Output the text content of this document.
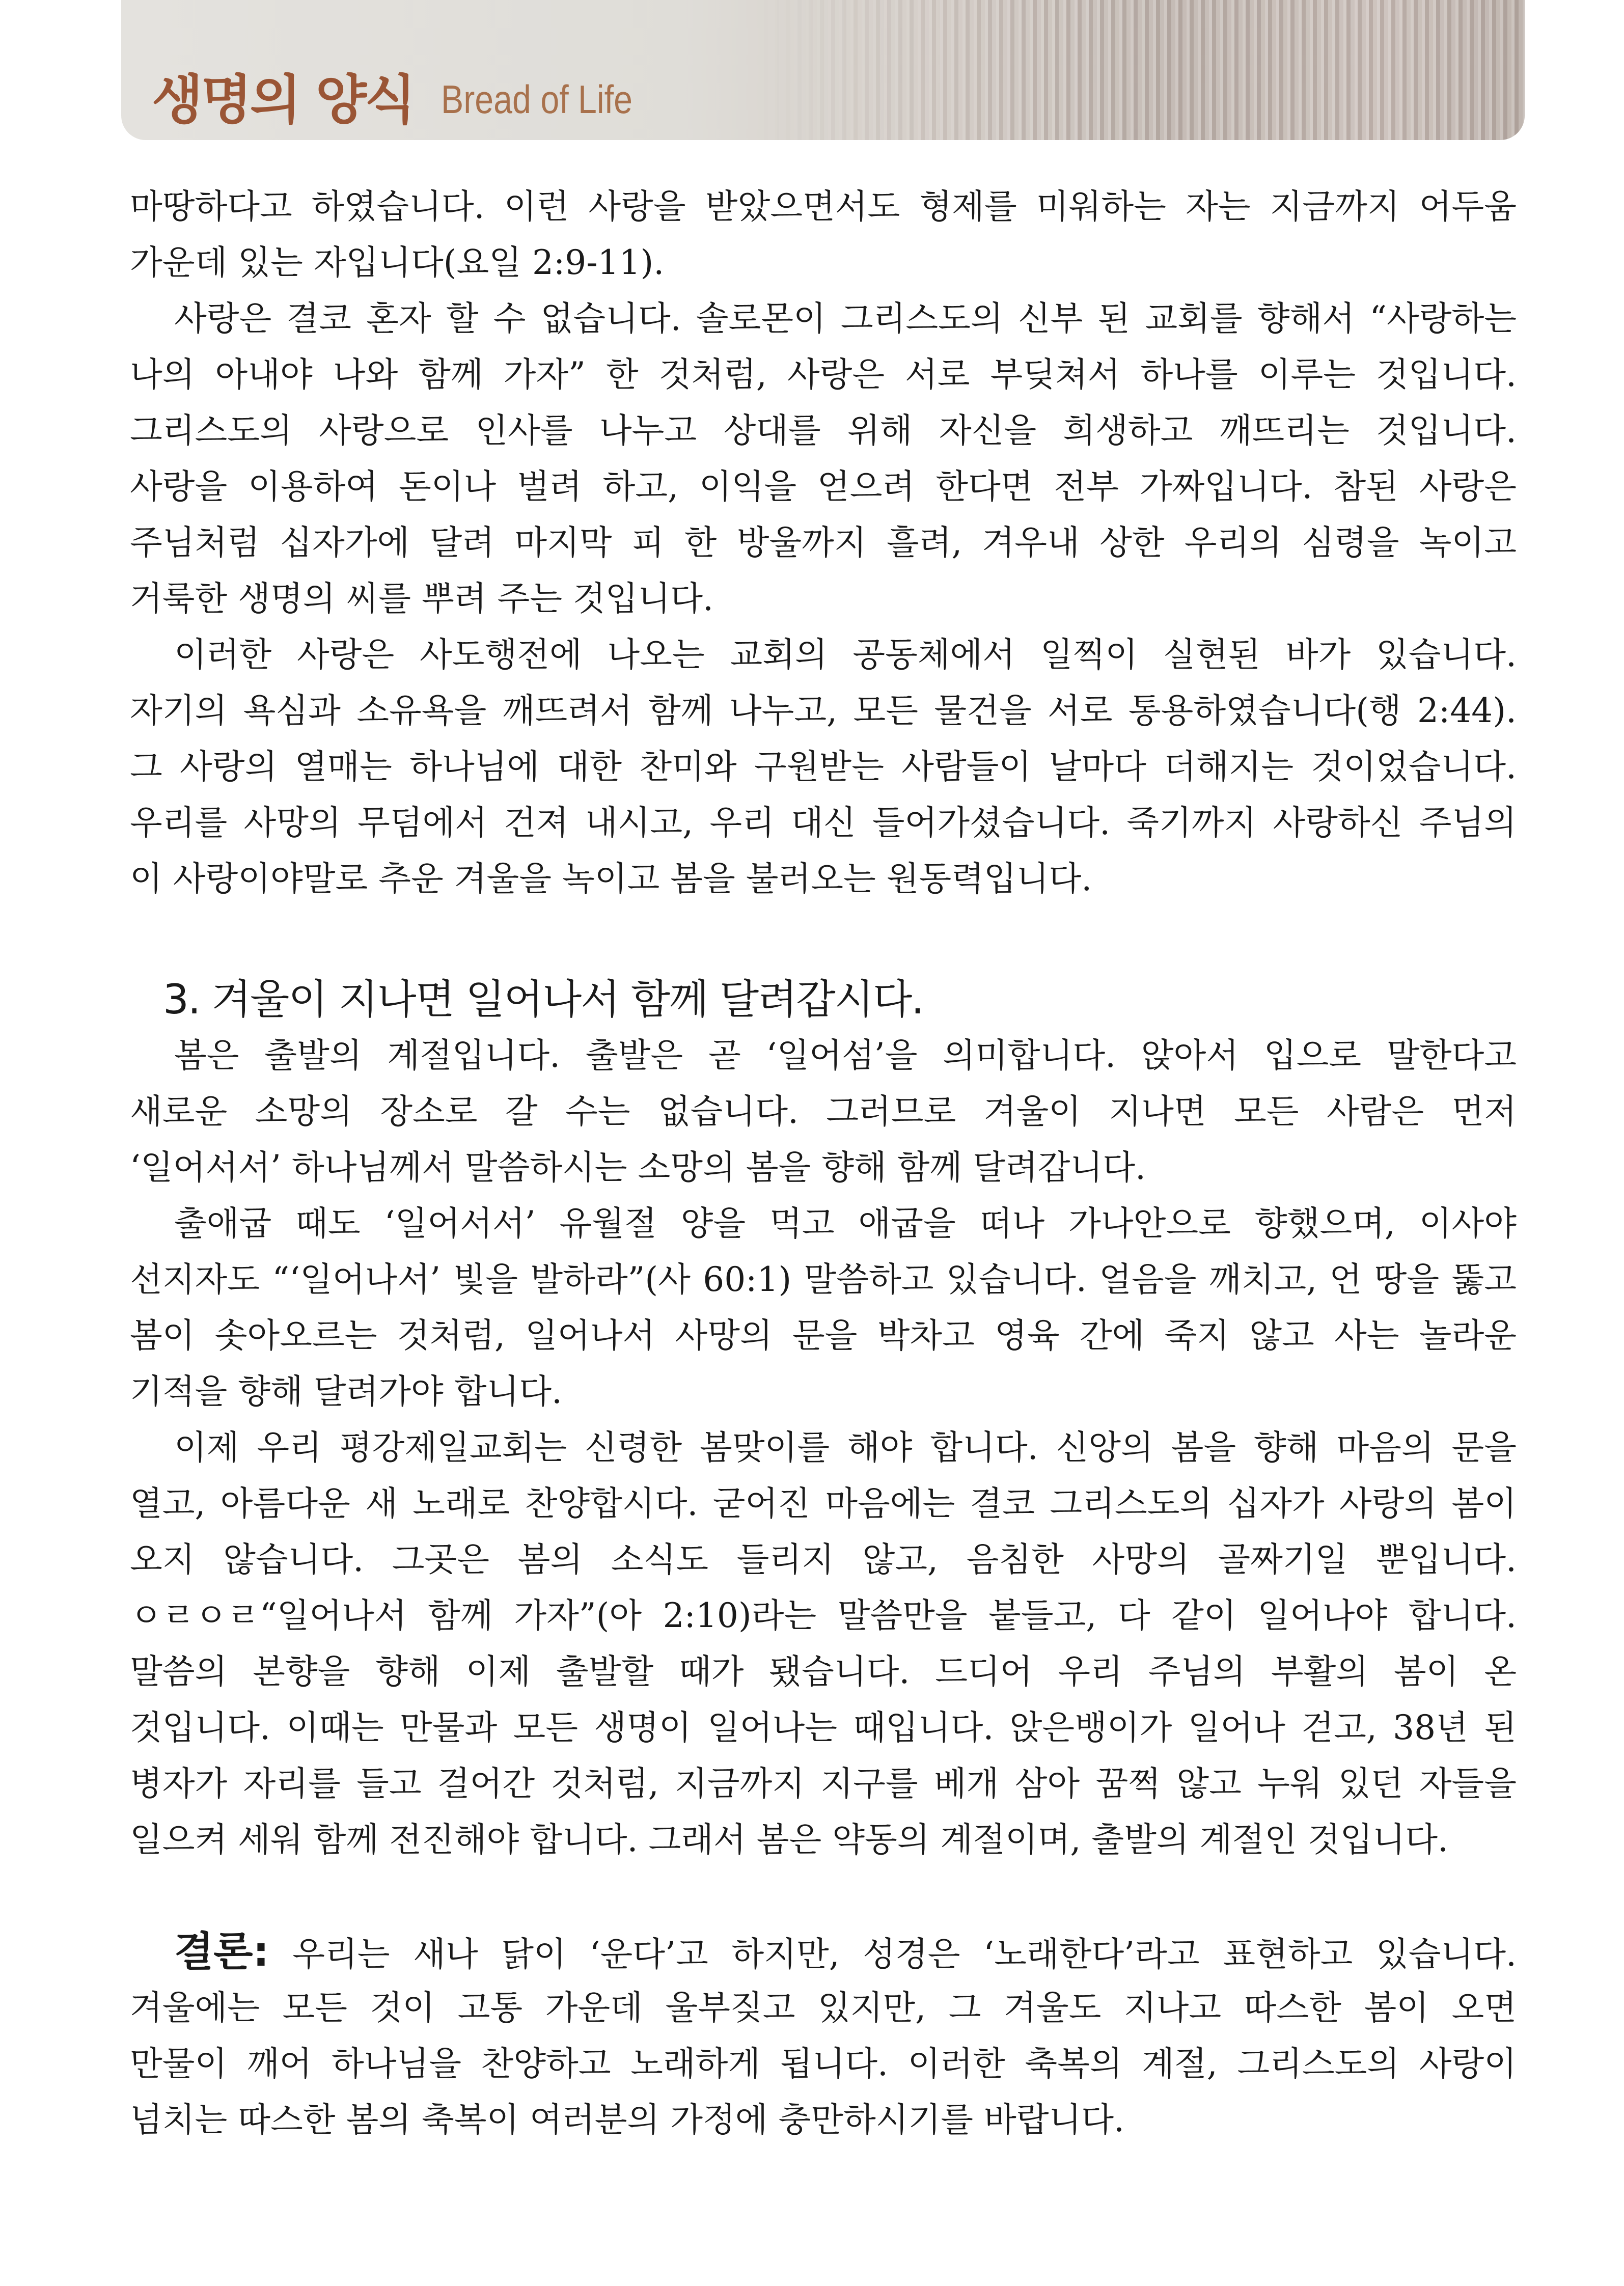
생명의 양식 Bread of Life
마땅하다고 하였습니다. 이런 사랑을 받았으면서도 형제를 미워하는 자는 지금까지 어두움
가운데 있는 자입니다(요일 2:9-11).
사랑은 결코 혼자 할 수 없습니다. 솔로몬이 그리스도의 신부 된 교회를 향해서 “사랑하는
나의 아내야 나와 함께 가자” 한 것처럼, 사랑은 서로 부딪쳐서 하나를 이루는 것입니다.
그리스도의 사랑으로 인사를 나누고 상대를 위해 자신을 희생하고 깨뜨리는 것입니다.
사랑을 이용하여 돈이나 벌려 하고, 이익을 얻으려 한다면 전부 가짜입니다. 참된 사랑은
주님처럼 십자가에 달려 마지막 피 한 방울까지 흘려, 겨우내 상한 우리의 심령을 녹이고
거룩한 생명의 씨를 뿌려 주는 것입니다.
이러한 사랑은 사도행전에 나오는 교회의 공동체에서 일찍이 실현된 바가 있습니다.
자기의 욕심과 소유욕을 깨뜨려서 함께 나누고, 모든 물건을 서로 통용하였습니다(행 2:44).
그 사랑의 열매는 하나님에 대한 찬미와 구원받는 사람들이 날마다 더해지는 것이었습니다.
우리를 사망의 무덤에서 건져 내시고, 우리 대신 들어가셨습니다. 죽기까지 사랑하신 주님의
이 사랑이야말로 추운 겨울을 녹이고 봄을 불러오는 원동력입니다.
3. 겨울이 지나면 일어나서 함께 달려갑시다.
봄은 출발의 계절입니다. 출발은 곧 ‘일어섬’을 의미합니다. 앉아서 입으로 말한다고
새로운 소망의 장소로 갈 수는 없습니다. 그러므로 겨울이 지나면 모든 사람은 먼저
‘일어서서’ 하나님께서 말씀하시는 소망의 봄을 향해 함께 달려갑니다.
출애굽 때도 ‘일어서서’ 유월절 양을 먹고 애굽을 떠나 가나안으로 향했으며, 이사야
선지자도 “‘일어나서’ 빛을 발하라”(사 60:1) 말씀하고 있습니다. 얼음을 깨치고, 언 땅을 뚫고
봄이 솟아오르는 것처럼, 일어나서 사망의 문을 박차고 영육 간에 죽지 않고 사는 놀라운
기적을 향해 달려가야 합니다.
이제 우리 평강제일교회는 신령한 봄맞이를 해야 합니다. 신앙의 봄을 향해 마음의 문을
열고, 아름다운 새 노래로 찬양합시다. 굳어진 마음에는 결코 그리스도의 십자가 사랑의 봄이
오지 않습니다. 그곳은 봄의 소식도 들리지 않고, 음침한 사망의 골짜기일 뿐입니다.
ㅇㄹㅇㄹ“일어나서 함께 가자”(아 2:10)라는 말씀만을 붙들고, 다 같이 일어나야 합니다.
말씀의 본향을 향해 이제 출발할 때가 됐습니다. 드디어 우리 주님의 부활의 봄이 온
것입니다. 이때는 만물과 모든 생명이 일어나는 때입니다. 앉은뱅이가 일어나 걷고, 38년 된
병자가 자리를 들고 걸어간 것처럼, 지금까지 지구를 베개 삼아 꿈쩍 않고 누워 있던 자들을
일으켜 세워 함께 전진해야 합니다. 그래서 봄은 약동의 계절이며, 출발의 계절인 것입니다.
결론: 우리는 새나 닭이 ‘운다’고 하지만, 성경은 ‘노래한다’라고 표현하고 있습니다.
겨울에는 모든 것이 고통 가운데 울부짖고 있지만, 그 겨울도 지나고 따스한 봄이 오면
만물이 깨어 하나님을 찬양하고 노래하게 됩니다. 이러한 축복의 계절, 그리스도의 사랑이
넘치는 따스한 봄의 축복이 여러분의 가정에 충만하시기를 바랍니다.
